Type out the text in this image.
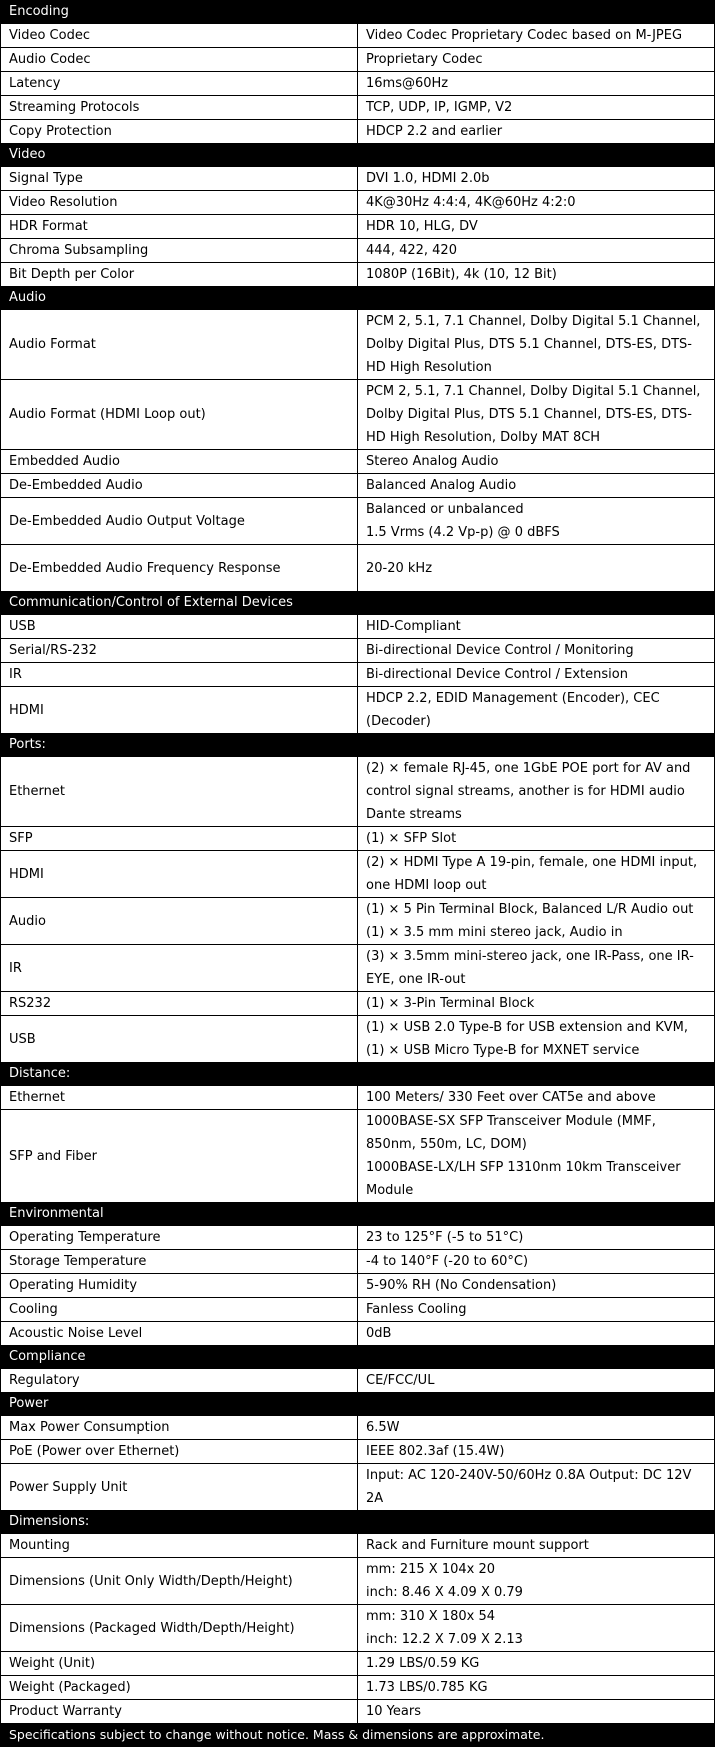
Encoding	
Video Codec	Video Codec Proprietary Codec based on M-JPEG
Audio Codec	Proprietary Codec
Latency	16ms@60Hz
Streaming Protocols	TCP, UDP, IP, IGMP, V2
Copy Protection	HDCP 2.2 and earlier
Video	
Signal Type	DVI 1.0, HDMI 2.0b
Video Resolution	4K@30Hz 4:4:4, 4K@60Hz 4:2:0
HDR Format	HDR 10, HLG, DV
Chroma Subsampling	444, 422, 420
Bit Depth per Color	1080P (16Bit), 4k (10, 12 Bit)
Audio	
Audio Format	PCM 2, 5.1, 7.1 Channel, Dolby Digital 5.1 Channel, Dolby Digital Plus, DTS 5.1 Channel, DTS-ES, DTS-HD High Resolution
Audio Format (HDMI Loop out)	PCM 2, 5.1, 7.1 Channel, Dolby Digital 5.1 Channel, Dolby Digital Plus, DTS 5.1 Channel, DTS-ES, DTS-HD High Resolution, Dolby MAT 8CH
Embedded Audio	Stereo Analog Audio
De-Embedded Audio	Balanced Analog Audio
De-Embedded Audio Output Voltage	Balanced or unbalanced
1.5 Vrms (4.2 Vp-p) @ 0 dBFS

De-Embedded Audio Frequency Response	20-20 kHz
Communication/Control of External Devices	
USB	HID-Compliant
Serial/RS-232	Bi-directional Device Control / Monitoring
IR	Bi-directional Device Control / Extension
HDMI	HDCP 2.2, EDID Management (Encoder), CEC (Decoder)
Ports:	
Ethernet	(2) × female RJ-45, one 1GbE POE port for AV and control signal streams, another is for HDMI audio Dante streams
SFP	(1) × SFP Slot
HDMI	(2) × HDMI Type A 19-pin, female, one HDMI input, one HDMI loop out
Audio	(1) × 5 Pin Terminal Block, Balanced L/R Audio out (1) × 3.5 mm mini stereo jack, Audio in
IR	(3) × 3.5mm mini-stereo jack, one IR-Pass, one IR-EYE, one IR-out
RS232	(1) × 3-Pin Terminal Block
USB	(1) × USB 2.0 Type-B for USB extension and KVM, (1) × USB Micro Type-B for MXNET service
Distance:	
Ethernet	100 Meters/ 330 Feet over CAT5e and above
SFP and Fiber	1000BASE-SX SFP Transceiver Module (MMF, 850nm, 550m, LC, DOM)
1000BASE-LX/LH SFP 1310nm 10km Transceiver Module

Environmental	
Operating Temperature	23 to 125°F (-5 to 51°C)
Storage Temperature	-4 to 140°F (-20 to 60°C)
Operating Humidity	5-90% RH (No Condensation)
Cooling	Fanless Cooling
Acoustic Noise Level	0dB
Compliance	
Regulatory	CE/FCC/UL
Power	
Max Power Consumption	6.5W
PoE (Power over Ethernet)	IEEE 802.3af (15.4W)
Power Supply Unit	Input: AC 120-240V-50/60Hz 0.8A Output: DC 12V 2A
Dimensions:	
Mounting	Rack and Furniture mount support
Dimensions (Unit Only Width/Depth/Height)	mm: 215 X 104x 20
inch: 8.46 X 4.09 X 0.79

Dimensions (Packaged Width/Depth/Height)	mm: 310 X 180x 54
inch: 12.2 X 7.09 X 2.13

Weight (Unit)	1.29 LBS/0.59 KG
Weight (Packaged)	1.73 LBS/0.785 KG
Product Warranty	10 Years
Specifications subject to change without notice. Mass & dimensions are approximate.	
